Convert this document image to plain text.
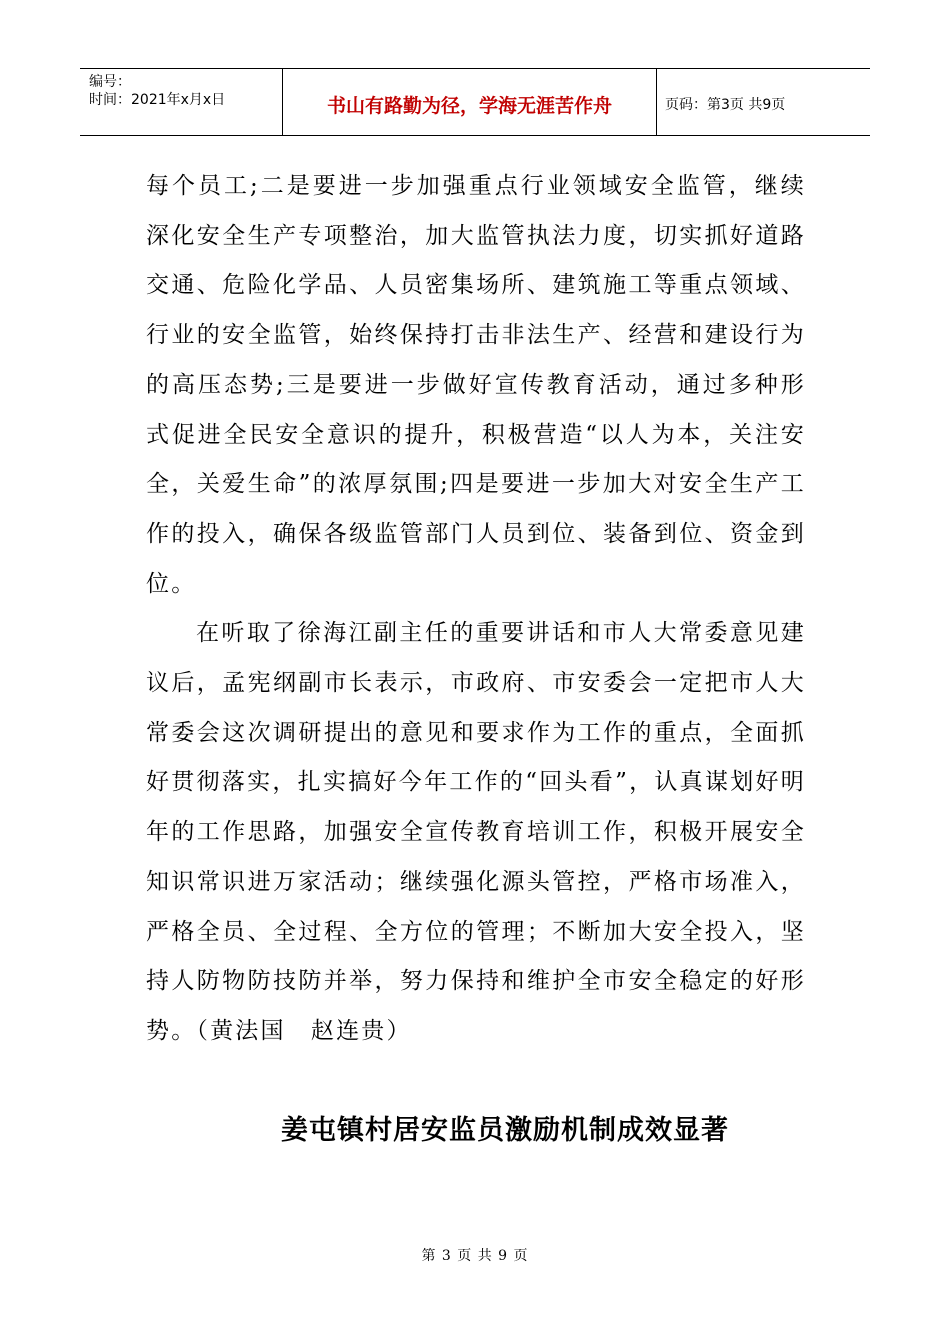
编号：
时间：2021年x月x日	书山有路勤为径，学海无涯苦作舟	页码：第3页 共9页

每个员工;二是要进一步加强重点行业领域安全监管，继续深化安全生产专项整治，加大监管执法力度，切实抓好道路交通、危险化学品、人员密集场所、建筑施工等重点领域、行业的安全监管，始终保持打击非法生产、经营和建设行为的高压态势;三是要进一步做好宣传教育活动，通过多种形式促进全民安全意识的提升，积极营造“以人为本，关注安全，关爱生命”的浓厚氛围;四是要进一步加大对安全生产工作的投入，确保各级监管部门人员到位、装备到位、资金到位。

在听取了徐海江副主任的重要讲话和市人大常委意见建议后，孟宪纲副市长表示，市政府、市安委会一定把市人大常委会这次调研提出的意见和要求作为工作的重点，全面抓好贯彻落实，扎实搞好今年工作的“回头看”，认真谋划好明年的工作思路，加强安全宣传教育培训工作，积极开展安全知识常识进万家活动；继续强化源头管控，严格市场准入，严格全员、全过程、全方位的管理；不断加大安全投入，坚持人防物防技防并举，努力保持和维护全市安全稳定的好形势。（黄法国　赵连贵）

姜屯镇村居安监员激励机制成效显著
第 3 页 共 9 页
